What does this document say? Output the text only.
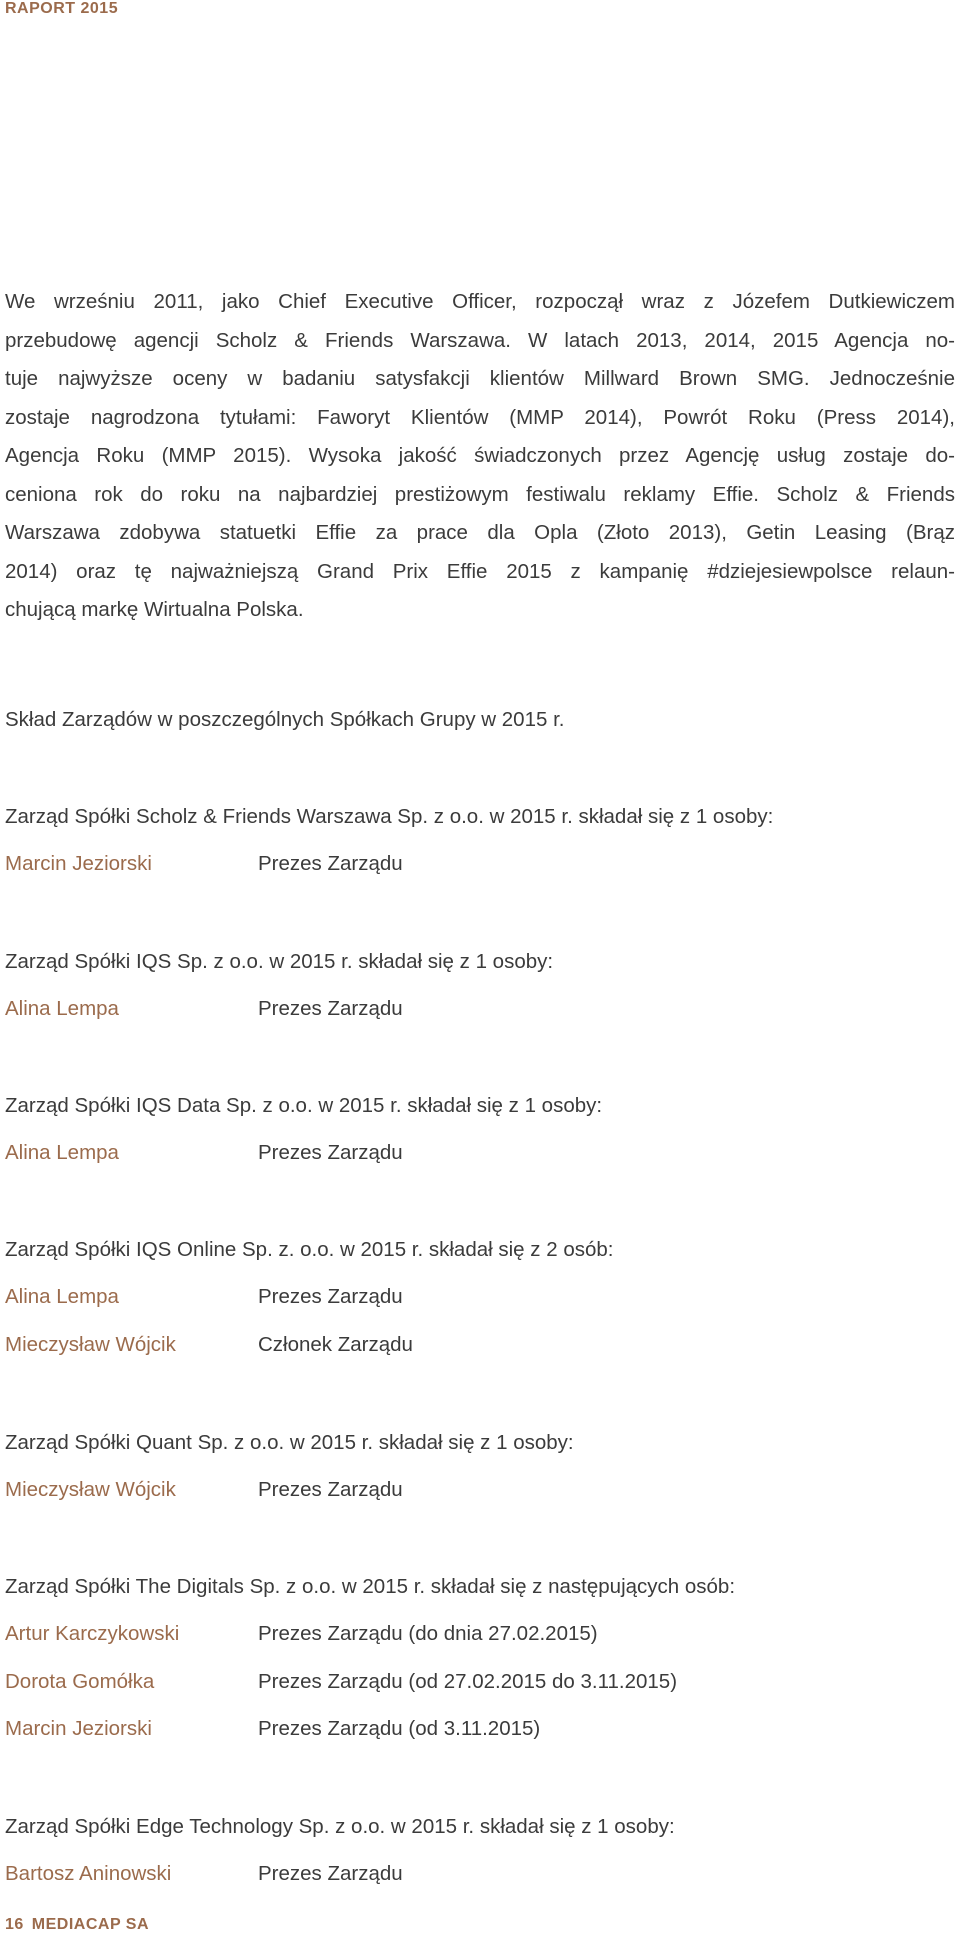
RAPORT 2015
We wrześniu 2011, jako Chief Executive Officer, rozpoczął wraz z Józefem Dutkiewiczem
przebudowę agencji Scholz & Friends Warszawa. W latach 2013, 2014, 2015 Agencja no-
tuje najwyższe oceny w badaniu satysfakcji klientów Millward Brown SMG. Jednocześnie
zostaje nagrodzona tytułami: Faworyt Klientów (MMP 2014), Powrót Roku (Press 2014),
Agencja Roku (MMP 2015). Wysoka jakość świadczonych przez Agencję usług zostaje do-
ceniona rok do roku na najbardziej prestiżowym festiwalu reklamy Effie. Scholz & Friends
Warszawa zdobywa statuetki Effie za prace dla Opla (Złoto 2013), Getin Leasing (Brąz
2014) oraz tę najważniejszą Grand Prix Effie 2015 z kampanię #dziejesiewpolsce relaun-
chującą markę Wirtualna Polska.
Skład Zarządów w poszczególnych Spółkach Grupy w 2015 r.
Zarząd Spółki Scholz & Friends Warszawa Sp. z o.o. w 2015 r. składał się z 1 osoby:
Marcin Jeziorski	Prezes Zarządu
Zarząd Spółki IQS Sp. z o.o. w 2015 r. składał się z 1 osoby:
Alina Lempa	Prezes Zarządu
Zarząd Spółki IQS Data Sp. z o.o. w 2015 r. składał się z 1 osoby:
Alina Lempa	Prezes Zarządu
Zarząd Spółki IQS Online Sp. z. o.o. w 2015 r. składał się z 2 osób:
Alina Lempa	Prezes Zarządu
Mieczysław Wójcik	Członek Zarządu
Zarząd Spółki Quant Sp. z o.o. w 2015 r. składał się z 1 osoby:
Mieczysław Wójcik	Prezes Zarządu
Zarząd Spółki The Digitals Sp. z o.o. w 2015 r. składał się z następujących osób:
Artur Karczykowski	Prezes Zarządu (do dnia 27.02.2015)
Dorota Gomółka	Prezes Zarządu (od 27.02.2015 do 3.11.2015)
Marcin Jeziorski	Prezes Zarządu (od 3.11.2015)
Zarząd Spółki Edge Technology Sp. z o.o. w 2015 r. składał się z 1 osoby:
Bartosz Aninowski	Prezes Zarządu
16 MEDIACAP SA
